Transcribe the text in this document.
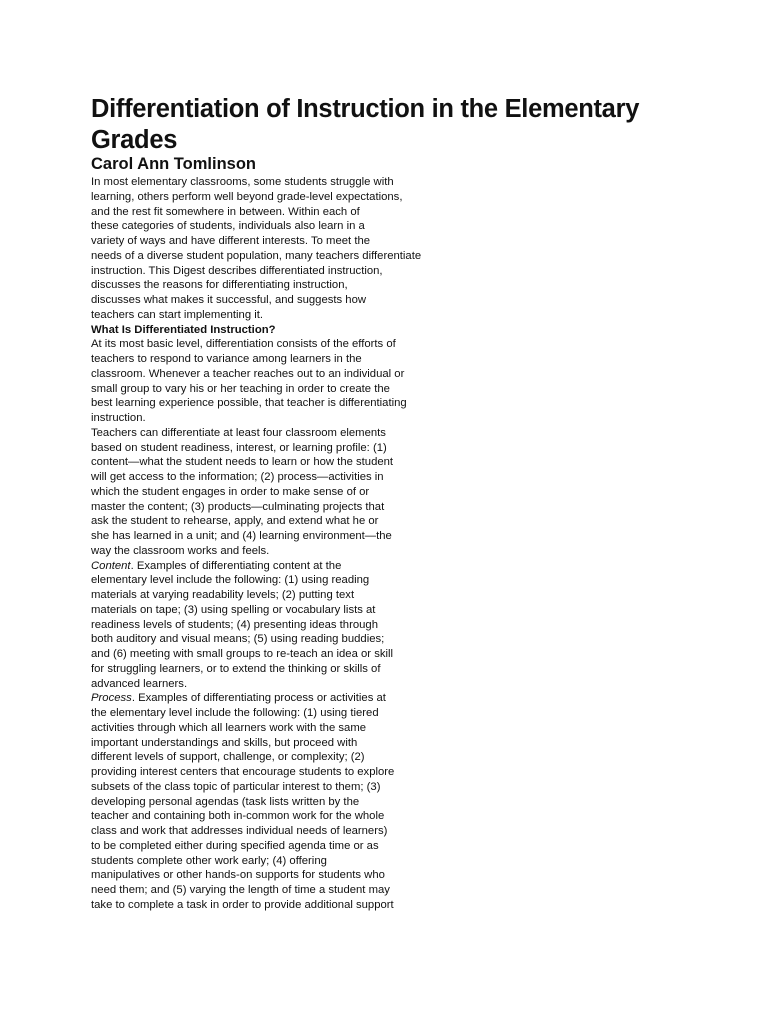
Differentiation of Instruction in the Elementary
Grades
Carol Ann Tomlinson
In most elementary classrooms, some students struggle with
learning, others perform well beyond grade-level expectations,
and the rest fit somewhere in between. Within each of
these categories of students, individuals also learn in a
variety of ways and have different interests. To meet the
needs of a diverse student population, many teachers differentiate
instruction. This Digest describes differentiated instruction,
discusses the reasons for differentiating instruction,
discusses what makes it successful, and suggests how
teachers can start implementing it.
What Is Differentiated Instruction?
At its most basic level, differentiation consists of the efforts of
teachers to respond to variance among learners in the
classroom. Whenever a teacher reaches out to an individual or
small group to vary his or her teaching in order to create the
best learning experience possible, that teacher is differentiating
instruction.
Teachers can differentiate at least four classroom elements
based on student readiness, interest, or learning profile: (1)
content—what the student needs to learn or how the student
will get access to the information; (2) process—activities in
which the student engages in order to make sense of or
master the content; (3) products—culminating projects that
ask the student to rehearse, apply, and extend what he or
she has learned in a unit; and (4) learning environment—the
way the classroom works and feels.
Content. Examples of differentiating content at the
elementary level include the following: (1) using reading
materials at varying readability levels; (2) putting text
materials on tape; (3) using spelling or vocabulary lists at
readiness levels of students; (4) presenting ideas through
both auditory and visual means; (5) using reading buddies;
and (6) meeting with small groups to re-teach an idea or skill
for struggling learners, or to extend the thinking or skills of
advanced learners.
Process. Examples of differentiating process or activities at
the elementary level include the following: (1) using tiered
activities through which all learners work with the same
important understandings and skills, but proceed with
different levels of support, challenge, or complexity; (2)
providing interest centers that encourage students to explore
subsets of the class topic of particular interest to them; (3)
developing personal agendas (task lists written by the
teacher and containing both in-common work for the whole
class and work that addresses individual needs of learners)
to be completed either during specified agenda time or as
students complete other work early; (4) offering
manipulatives or other hands-on supports for students who
need them; and (5) varying the length of time a student may
take to complete a task in order to provide additional support
